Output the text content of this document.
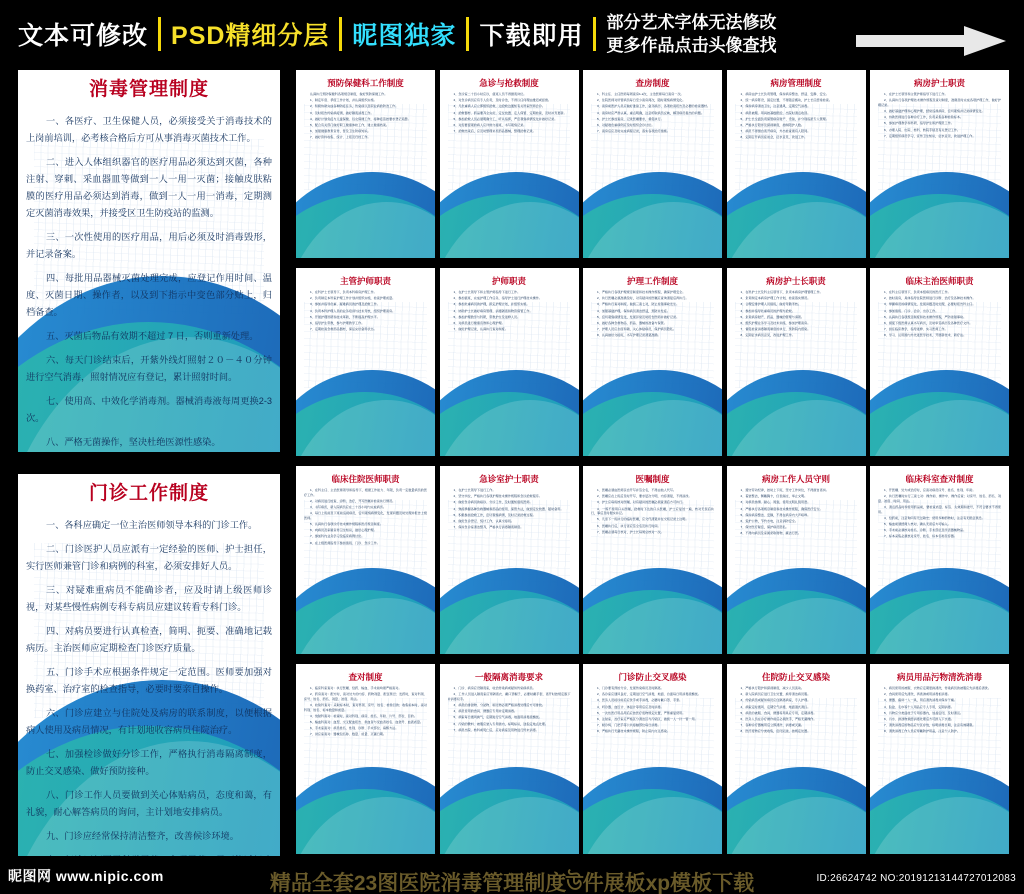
文本可修改 PSD精细分层 昵图独家 下载即用 部分艺术字体无法修改
更多作品点击头像查找
消毒管理制度

一、各医疗、卫生保健人员，必须接受关于消毒技术的上岗前培训，必考核合格后方可从事消毒灭菌技术工作。

二、进入人体组织器官的医疗用品必须达到灭菌，各种注射、穿刺、采血器皿等做到一人一用一灭菌；接触皮肤粘膜的医疗用品必须达到消毒，做到一人一用一消毒，定期测定灭菌消毒效果，并接受区卫生防疫站的监测。

三、一次性使用的医疗用品，用后必须及时消毒毁形，并记录备案。

四、每批用品器械灭菌处理完成，应登记作用时间、温度、灭菌日期、操作者，以及到下指示中变色部分贴上，归档备查。

五、灭菌后物品有效期不超过 7 日，否则重新处理。

六、每天门诊结束后，开紫外线灯照射２０－４０分钟进行空气消毒，照射情况应有登记，累计照射时间。

七、使用高、中效化学消毒剂。器械消毒液每周更换2-3次。

八、严格无菌操作，坚决杜绝医源性感染。

门诊工作制度

一、各科应确定一位主治医师领导本科的门诊工作。

二、门诊医护人员应派有一定经验的医师、护士担任，实行医师兼管门诊和病例的科室，必须安排好人员。

三、对疑难重病员不能确诊者，应及时请上级医师诊视，对某些慢性病例专科专病员应建议转看专科门诊。

四、对病员要进行认真检查，简明、扼要、准确地记载病历。主治医师应定期检查门诊医疗质量。

五、门诊手术应根据条件规定一定范围。医师要加强对换药室、治疗室的检查指导，必要时要亲自操作。

六、门诊应建立与住院处及病房的联系制度，以便根据病人使用及病员情况，有计划地收容病员住院治疗。

七、加强检诊做好分诊工作，严格执行消毒隔离制度，防止交叉感染、做好预防接种。

八、门诊工作人员要做到关心体贴病员，态度和蔼，有礼貌，耐心解答病员的询问，主计划地安排病员。

九、门诊应经常保持清洁整齐，改善候诊环境。

预防保健科工作制度

认真执行预防保健科各项规章制度，做好预防保健工作。

1、制定年度、季度工作计划，并认真组织实施。

2、积极协助完成各种防疫任务，传染病以及职业病的防治工作。

3、及时报告传染病疫情，做好隔离消毒工作。

4、做好计划免疫与儿童保健、妇女保健工作，接种疫苗按要求登记造册。

5、配合有关部门做好职工健康体检工作，建立健康档案。

6、加强健康教育宣传，普及卫生防病知识。

7、做好资料收集、统计、上报及归档工作。

主管护师职责

1、在科护士长领导下，负责本科病房护理工作。

2、负责制定本科室护理工作计划并组织实施，检查护理质量。

3、参加并指导危重、疑难病员的护理及抢救工作。

4、负责本科护理人员的业务培训与技术考核，组织护理查房。

5、开展护理科研和技术革新，不断提高护理水平。

6、指导护生带教，参与护理教学工作。

7、定期检查急救药品器材，保证完好备用状态。

临床住院医师职责

1、在科主任、主治医师领导和指导下，根据工作能力、年限，负责一定数量病员的医疗工作。

2、对病员进行检查、诊断、治疗，开写医嘱并检查执行情况。

3、书写病历，新入院病员应在二十四小时内完成病历。

4、每日上班前及下班前巡视病员，密切观察病情变化，发现问题及时处理并报告上级医师。

5、认真执行各项诊疗技术操作规程和医疗规章制度。

6、向病员及家属宣传卫生知识，做好心理护理。

7、参加科内业务学习及临床病例讨论。

8、在上级医师指导下参加值班、门诊、急诊工作。

查对制度

1、临床科室查对：执行医嘱、给药、输血、手术前均须严格查对。

2、药房查对：配方时，查对处方的内容、药物剂量、配伍禁忌；发药时，查对科别、床号、姓名、药名、剂量、浓度、用法。

3、检验科查对：采取标本时，查对科别、床号、姓名、检验目的；收集标本时，查对科别、姓名、标本数量和质量。

4、放射科查对：检查时，查对科别、病房、姓名、年龄、片号、部位、目的。

5、输血科查对：血型、交叉配血报告、供血者与受血者姓名、血袋号、血液质量。

6、手术室查对：病员姓名、性别、诊断、手术部位、麻醉方法。

7、供应室查对：器械包名称、数量、质量、灭菌日期。

急诊与抢救制度

1、急诊室二十四小时应诊，值班人员不得擅离岗位。

2、对急诊病员应有专人负责，及时诊治，不得以任何理由推迟或拒绝。

3、凡危重病人应立即组织抢救，边抢救边通知有关科室医师会诊。

4、抢救器材、药品要齐全完好，定位放置、定人保管、定期检查，及时补充更新。

5、参加抢救人员必须明确分工，听从指挥，严密观察病情变化并做好记录。

6、对需要留观的病人应详细交接班，书写观察记录。

7、抢救结束后，应及时整理补充药品器械，整理抢救记录。

护师职责

1、在护士长领导下和主管护师指导下进行工作。

2、参加值班，完成护理工作任务，指导护士进行护理技术操作。

3、参加危重病员的护理，拟定护理计划，并组织实施。

4、协助护士长做好病房管理、消毒隔离和物资保管工作。

5、参加护理教学与科研，带教护生及进修人员。

6、对病员进行健康宣教和心理护理。

7、做好护理记录，认真执行查对制度。

急诊室护士职责

1、在护士长领导下进行工作。

2、坚守岗位，严格执行各项护理技术操作规程和急诊抢救程序。

3、做好急诊病员的接诊、分诊工作，及时通知值班医师。

4、熟练掌握各种急救器械和药品的使用、保管方法，做到定位放置、随时备用。

5、积极参加抢救工作，密切观察病情，及时记录抢救过程。

6、做好急诊登记、统计工作，认真交接班。

7、保持急诊室清洁整齐，严格执行消毒隔离制度。

一般隔离消毒要求

1、门诊、病房应设隔离室，收治传染病或疑似传染病病员。

2、工作人员进入隔离室应穿隔离衣、戴口罩帽子，必要时戴手套，离开时按规定脱下并消毒双手。

3、病员的排泄物、分泌物、呕吐物必须严格消毒处理后方可排放。

4、病员使用的食具、便器应专用并定期消毒。

5、病室每日通风换气，定期进行空气消毒，地面用消毒液擦拭。

6、污染的敷料、被服应装入专用袋内，标明标识，送指定地点处理。

7、病员出院、转科或死亡后，应对病室及用物进行终末消毒。

查房制度

1、科主任、主任医师每周查房1-2次，主治医师每日查房一次。

2、住院医师对所管病员每日至少查房两次，随时观察病情变化。

3、查房前医护人员应做好准备工作，备齐病历、各项检查报告及必要的检查器材。

4、查房时应严肃认真，重点明确，注意听取病员反映，解答病员提出的问题。

5、护士长参加查房，记录医嘱要求，督促执行。

6、对疑难危重病例应及时组织会诊讨论。

7、查房后应及时完成病程记录，落实各项治疗措施。

护理工作制度

1、严格执行各项护理规章制度和技术操作规程，确保护理安全。

2、执行医嘱必须准确及时，对有疑问的医嘱应查询清楚后再执行。

3、严格执行查对制度，做到三查七对，防止差错事故发生。

4、加强基础护理，保持病员清洁舒适，预防并发症。

5、密切观察病情变化，发现异常及时报告医师并做好记录。

6、做好各种急救物品、药品、器械的准备与保管。

7、护理人员应态度和蔼，关心体贴病员，保护病员隐私。

8、认真做好交接班，书写护理记录清楚准确。

医嘱制度

1、医嘱必须由医师亲自开写并签全名，不得由他人代写。

2、医嘱应在上班后及时开写，要求层次分明，内容清楚，不得涂改。

3、护士应每班核对医嘱，对有疑问的医嘱必须查清后方可执行。

4、一般不使用口头医嘱，抢救时下达的口头医嘱，护士应复述一遍，核对无误后执行，事后及时据实补记。

5、凡需下一班执行的临时医嘱，应交代清楚并在交班记录上注明。

6、医嘱执行后，执行者应签全名及执行时间。

7、医嘱必须每日核对，护士长每周总核对一次。

门诊防止交叉感染

1、门诊要有预检分诊，发现传染病员及时隔离。

2、各诊室应通风良好，定期进行空气消毒，地面、台面每日用消毒液擦拭。

3、医务人员接诊前后应洗手或手消毒，必要时戴口罩、手套。

4、听诊器、血压计、体温计等用后应及时消毒。

5、一次性医疗用品用后应按医疗废物规定处置，严禁重复使用。

6、注射室、治疗室应严格区分清洁区与污染区，做到一人一针一管一用。

7、候诊椅、门把手等公共接触部位每日消毒。

8、严格执行无菌技术操作规程，防止院内交叉感染。

病房管理制度

1、病房由护士长负责管理，保持病房整洁、舒适、安静、安全。

2、统一病房陈设，固定位置，不得随意搬动，护士长应经常检查。

3、保持病房清洁卫生，注意通风，定期空气消毒。

4、病员被服、用具按基数配给，出院时清点收回。

5、护士长全面负责保管病房财产、设备，并分别指派专人管理。

6、严格执行陪伴及探视制度，控制陪护人数。

7、病员不得擅自离开病房，外出检查须有人陪同。

8、定期召开病员座谈会，征求意见，改进工作。

病房护士长职责

1、在科护士长及科主任领导下，负责本病房护理管理工作。

2、负责制定本病房护理工作计划，检查落实情况。

3、合理安排护理人员值班，做好考勤考核。

4、参加并指导危重病员的护理与抢救。

5、负责病房财产、药品、器械的管理与请领。

6、组织护理业务学习及技术训练，参加护理查房。

7、督促检查消毒隔离制度的执行，预防院内感染。

8、定期征求病员意见，改进护理工作。

病房工作人员守则

1、遵守劳动纪律，按时上下班，坚守工作岗位，不得擅自离岗。

2、着装整洁，佩戴胸卡，仪表端庄，举止文明。

3、对病员热情、耐心、周到，使用文明礼貌用语。

4、严格执行各项规章制度和技术操作规程，确保医疗安全。

5、保持病房整洁、安静，不得在病房内大声喧哗。

6、爱护公物，节约水电，注意消防安全。

7、保守医疗秘密，保护病员隐私。

8、不得向病员及家属索取财物，廉洁行医。

住院防止交叉感染

1、严格执行陪护和探视制度，减少人员流动。

2、新入院病员应进行卫生处置，换穿清洁病员服。

3、传染病员或疑似病员应住隔离病室，专人护理。

4、病室定时通风、定期空气消毒，地面湿式清扫。

5、病员的被服、食具、便器等用具应专用，定期消毒。

6、医务人员在诊疗操作前后必须洗手，严格无菌操作。

7、各种诊疗器械用后立即清洗、消毒或灭菌。

8、医疗废物应分类收集，密闭运送，按规定处置。

病房护士职责

1、在护士长领导和主管护师指导下进行工作。

2、认真执行各项护理技术操作规程及查对制度，准确及时完成各项护理工作，做好护理记录。

3、做好基础护理和心理护理，经常巡视病房，密切观察并记录病情变化。

4、协助医师进行各种诊疗工作，负责采集各种检验标本。

5、参加护理教学和科研，指导护生和护理员工作。

6、办理入院、出院、转科、转院手续及有关登记工作。

7、定期组织病员学习，宣传卫生知识，征求意见，改进护理工作。

临床主治医师职责

1、在科主任领导下，负责本组病员的医疗工作。

2、按时查房，具体指导住院医师进行诊断、治疗及各种技术操作。

3、掌握病员的病情变化，发现问题及时处理，必要时报告科主任。

4、参加值班、门诊、会诊、出诊工作。

5、认真执行各项规章制度和技术操作规程，严防差错事故。

6、督促下级医师认真书写病历，及时审签病历及各种医疗文件。

7、担任临床教学，指导进修、实习医师工作。

8、学习、运用国内外先进医学技术，开展新技术、新疗法。

临床科室查对制度

1、开医嘱、处方或治疗时，应查对病员床号、姓名、性别、年龄。

2、执行医嘱时实行三查七对：操作前、操作中、操作后查；对床号、姓名、药名、剂量、浓度、时间、用法。

3、清点药品时和使用药品前，要检查质量、标签、失效期和批号，不符合要求不得使用。

4、给药前，注意询问有无过敏史；使用多种药物时，注意有无配伍禁忌。

5、输血前须经两人核对，确认无误后方可输入。

6、手术前必须核对姓名、诊断、手术部位及所需器械物品。

7、标本采集必须核对床号、姓名、标本名称及容器。

病员用品污物清洗消毒

1、病员使用的被服、衣物应定期更换清洗，传染病员的被服应先消毒后清洗。

2、食具使用后先清洗，再煮沸或用消毒柜消毒。

3、便器、痰杯一人一具，用后清洗消毒并保持干燥。

4、脸盆、毛巾等个人用品应专人专用，定期消毒。

5、污物应分类盛放于专用容器内，加盖密闭，及时清运。

6、污水、排泄物须经消毒处理后方可排入下水道。

7、清洗消毒后的物品应分区存放，标明消毒日期，注意有效期限。

8、清洗消毒工作人员应穿戴防护用品，注意个人防护。

昵图网 www.nipic.com	精品全套23图医院消毒管理制度উ件展板xp模板下载	ID:26624742 NO:20191213144727012083
